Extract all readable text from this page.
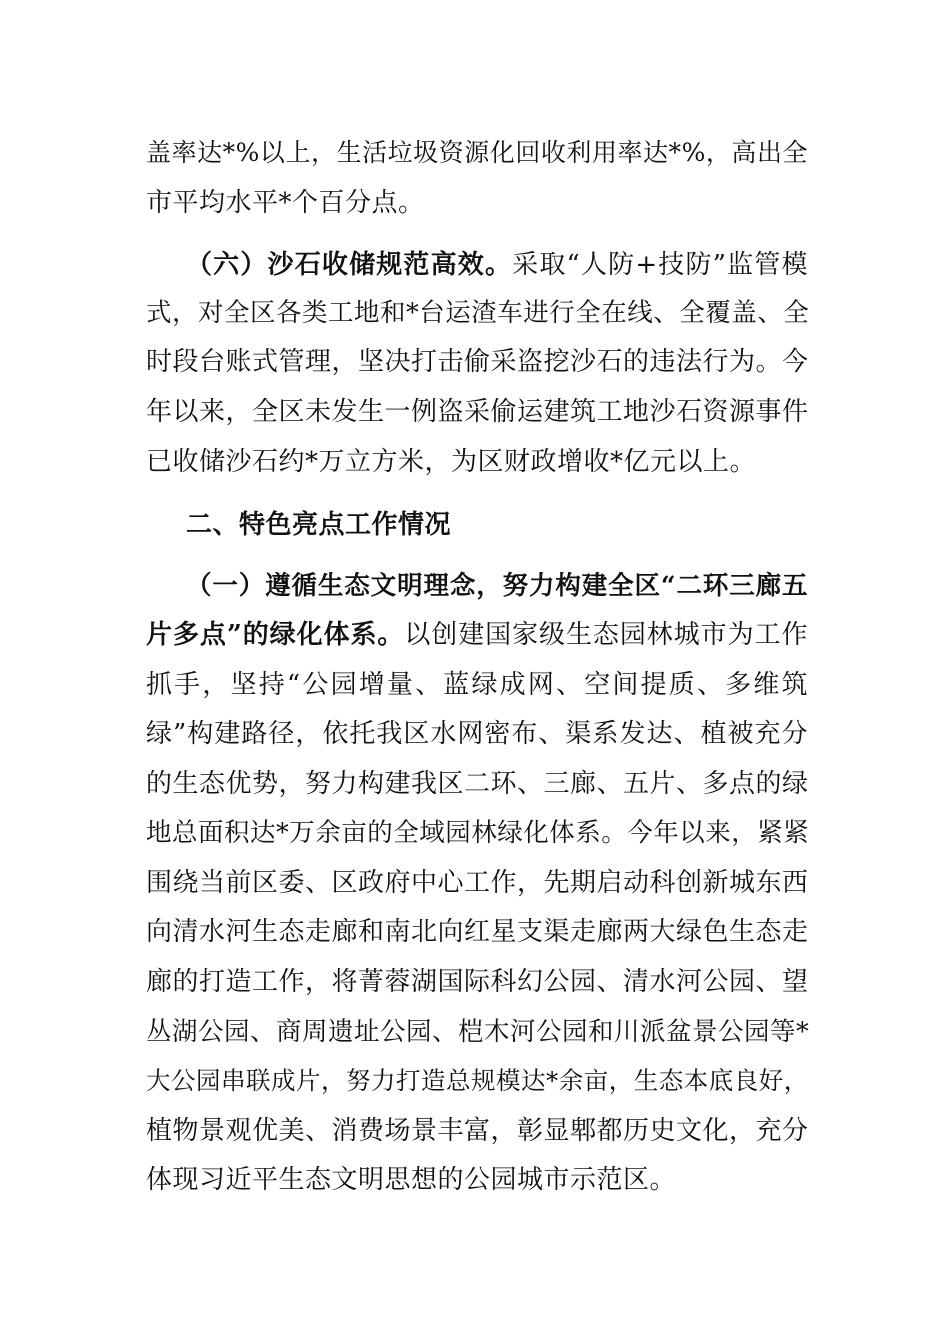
盖率达*%以上，生活垃圾资源化回收利用率达*%，高出全
市平均水平*个百分点。
（六）沙石收储规范高效。采取“人防+技防”监管模
式，对全区各类工地和*台运渣车进行全在线、全覆盖、全
时段台账式管理，坚决打击偷采盗挖沙石的违法行为。今
年以来，全区未发生一例盗采偷运建筑工地沙石资源事件
已收储沙石约*万立方米，为区财政增收*亿元以上。
二、特色亮点工作情况
（一）遵循生态文明理念，努力构建全区“二环三廊五
片多点”的绿化体系。以创建国家级生态园林城市为工作
抓手，坚持“公园增量、蓝绿成网、空间提质、多维筑
绿”构建路径，依托我区水网密布、渠系发达、植被充分
的生态优势，努力构建我区二环、三廊、五片、多点的绿
地总面积达*万余亩的全域园林绿化体系。今年以来，紧紧
围绕当前区委、区政府中心工作，先期启动科创新城东西
向清水河生态走廊和南北向红星支渠走廊两大绿色生态走
廊的打造工作，将菁蓉湖国际科幻公园、清水河公园、望
丛湖公园、商周遗址公园、桤木河公园和川派盆景公园等*
大公园串联成片，努力打造总规模达*余亩，生态本底良好，
植物景观优美、消费场景丰富，彰显郫都历史文化，充分
体现习近平生态文明思想的公园城市示范区。
